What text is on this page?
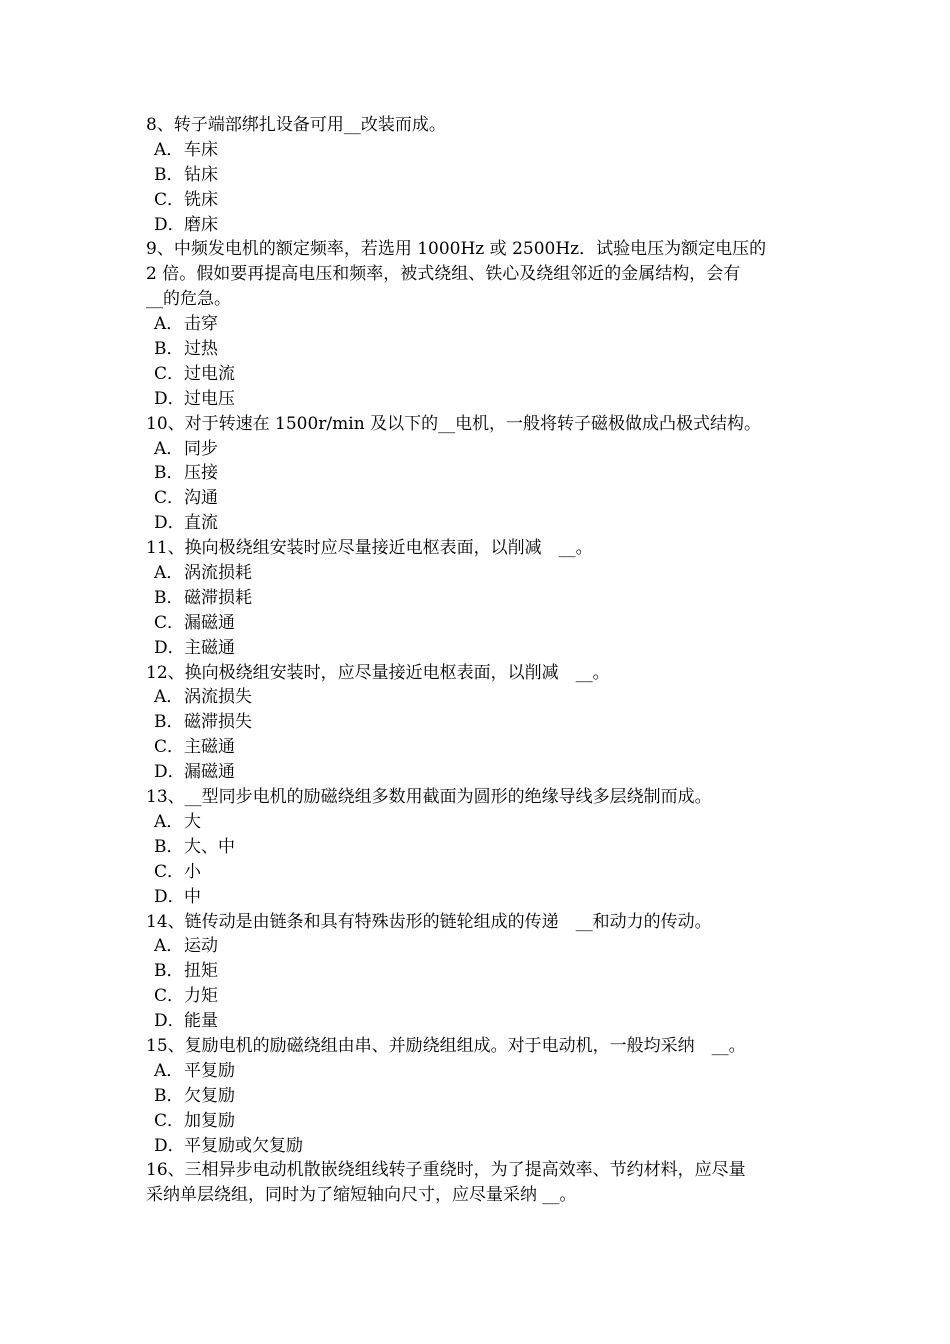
8、转子端部绑扎设备可用__改装而成。
A．车床
B．钻床
C．铣床
D．磨床
9、中频发电机的额定频率，若选用 1000Hz 或 2500Hz．试验电压为额定电压的
2 倍。假如要再提高电压和频率，被式绕组、铁心及绕组邻近的金属结构，会有
__的危急。
A．击穿
B．过热
C．过电流
D．过电压
10、对于转速在 1500r/min 及以下的__电机，一般将转子磁极做成凸极式结构。
A．同步
B．压接
C．沟通
D．直流
11、换向极绕组安装时应尽量接近电枢表面，以削减　__。
A．涡流损耗
B．磁滞损耗
C．漏磁通
D．主磁通
12、换向极绕组安装时，应尽量接近电枢表面，以削减　__。
A．涡流损失
B．磁滞损失
C．主磁通
D．漏磁通
13、__型同步电机的励磁绕组多数用截面为圆形的绝缘导线多层绕制而成。
A．大
B．大、中
C．小
D．中
14、链传动是由链条和具有特殊齿形的链轮组成的传递　__和动力的传动。
A．运动
B．扭矩
C．力矩
D．能量
15、复励电机的励磁绕组由串、并励绕组组成。对于电动机，一般均采纳　__。
A．平复励
B．欠复励
C．加复励
D．平复励或欠复励
16、三相异步电动机散嵌绕组线转子重绕时，为了提高效率、节约材料，应尽量
采纳单层绕组，同时为了缩短轴向尺寸，应尽量采纳 __。
